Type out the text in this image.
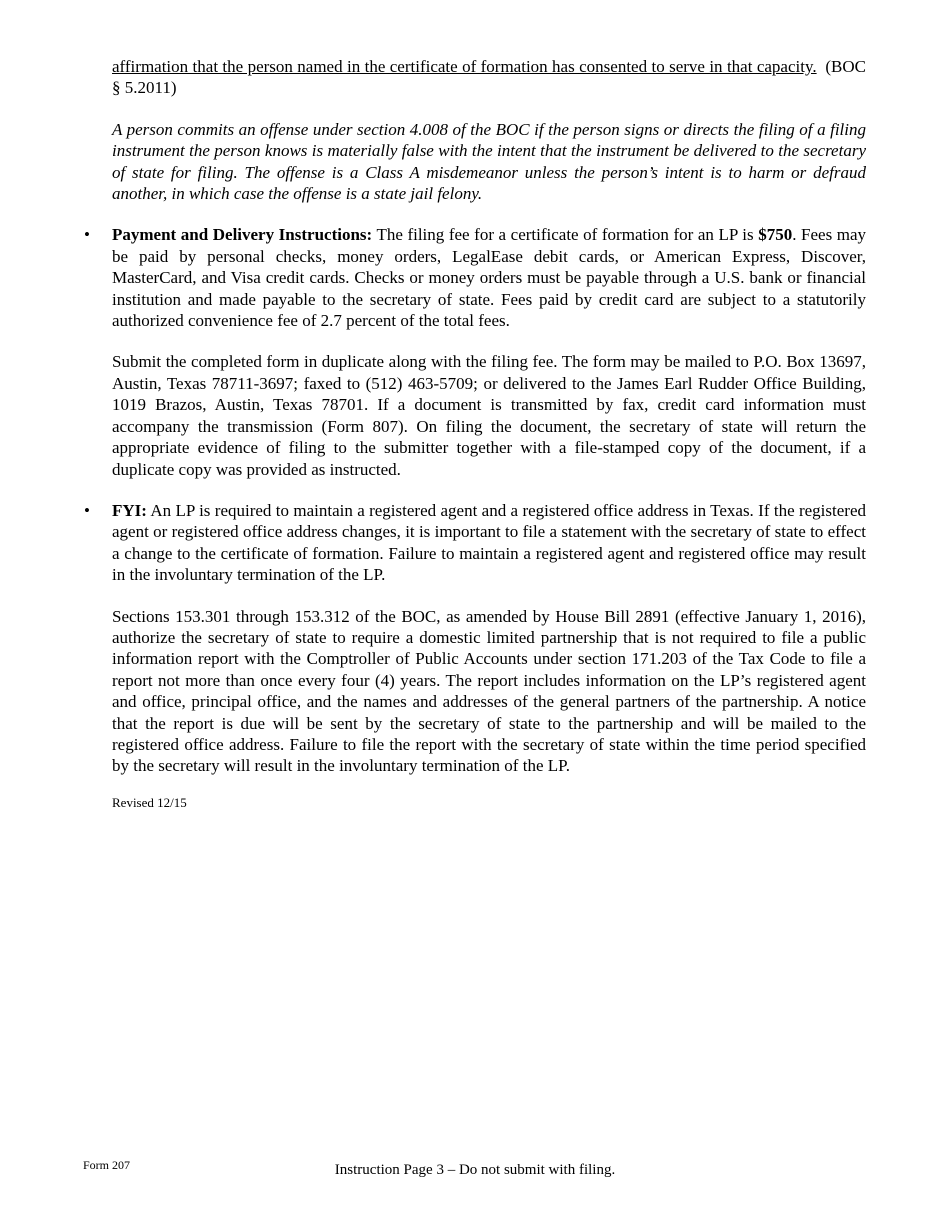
affirmation that the person named in the certificate of formation has consented to serve in that capacity. (BOC § 5.2011)

A person commits an offense under section 4.008 of the BOC if the person signs or directs the filing of a filing instrument the person knows is materially false with the intent that the instrument be delivered to the secretary of state for filing. The offense is a Class A misdemeanor unless the person’s intent is to harm or defraud another, in which case the offense is a state jail felony.

• Payment and Delivery Instructions: The filing fee for a certificate of formation for an LP is $750. Fees may be paid by personal checks, money orders, LegalEase debit cards, or American Express, Discover, MasterCard, and Visa credit cards. Checks or money orders must be payable through a U.S. bank or financial institution and made payable to the secretary of state. Fees paid by credit card are subject to a statutorily authorized convenience fee of 2.7 percent of the total fees.

Submit the completed form in duplicate along with the filing fee. The form may be mailed to P.O. Box 13697, Austin, Texas 78711-3697; faxed to (512) 463-5709; or delivered to the James Earl Rudder Office Building, 1019 Brazos, Austin, Texas 78701. If a document is transmitted by fax, credit card information must accompany the transmission (Form 807). On filing the document, the secretary of state will return the appropriate evidence of filing to the submitter together with a file-stamped copy of the document, if a duplicate copy was provided as instructed.

• FYI: An LP is required to maintain a registered agent and a registered office address in Texas. If the registered agent or registered office address changes, it is important to file a statement with the secretary of state to effect a change to the certificate of formation. Failure to maintain a registered agent and registered office may result in the involuntary termination of the LP.

Sections 153.301 through 153.312 of the BOC, as amended by House Bill 2891 (effective January 1, 2016), authorize the secretary of state to require a domestic limited partnership that is not required to file a public information report with the Comptroller of Public Accounts under section 171.203 of the Tax Code to file a report not more than once every four (4) years. The report includes information on the LP’s registered agent and office, principal office, and the names and addresses of the general partners of the partnership. A notice that the report is due will be sent by the secretary of state to the partnership and will be mailed to the registered office address. Failure to file the report with the secretary of state within the time period specified by the secretary will result in the involuntary termination of the LP.

Revised 12/15
Form 207	Instruction Page 3 – Do not submit with filing.
